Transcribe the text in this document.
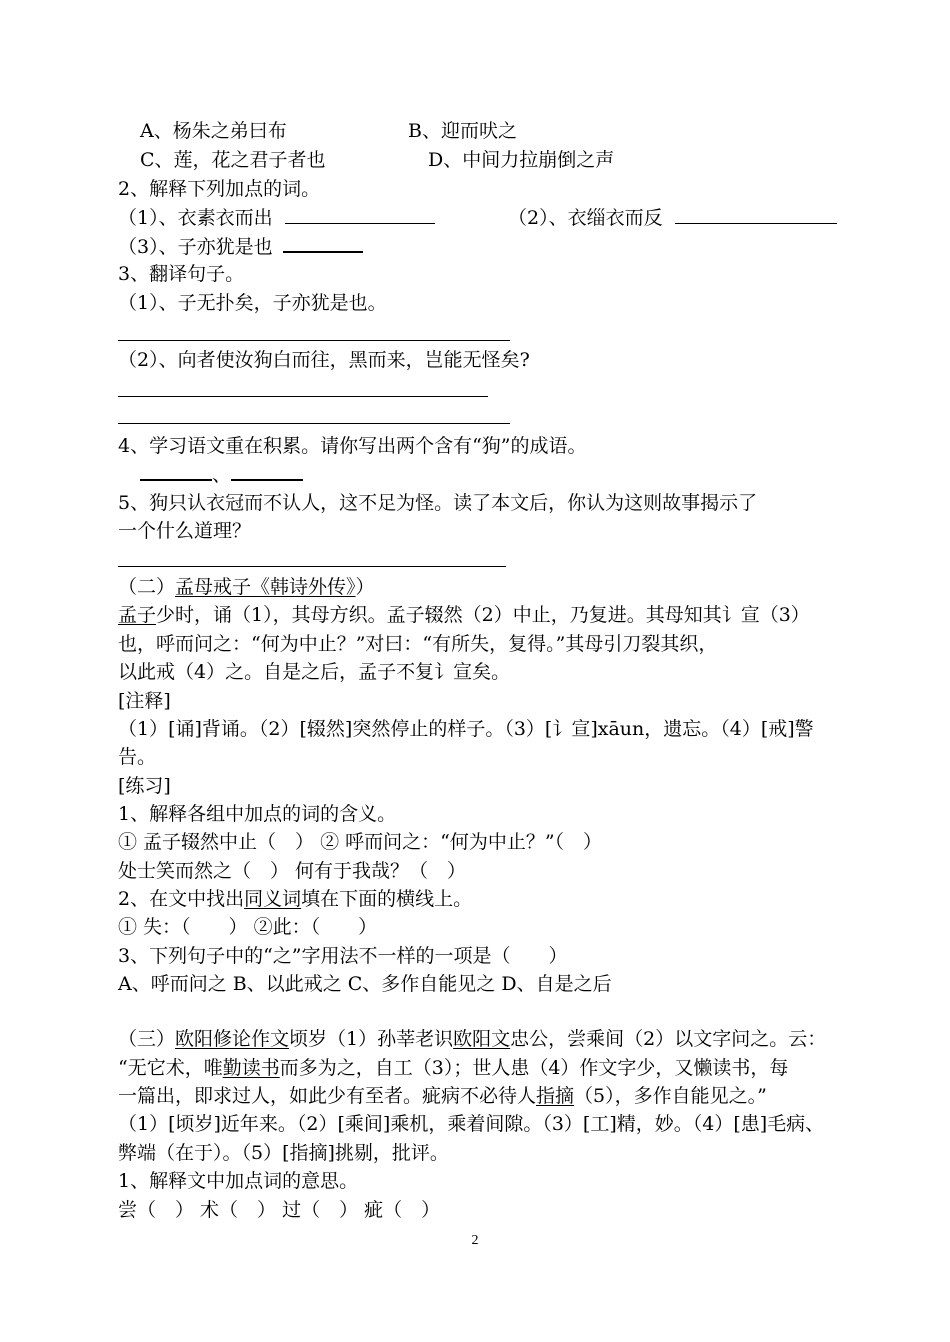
A、杨朱之弟曰布	B、迎而吠之
C、莲，花之君子者也	D、中间力拉崩倒之声
2、解释下列加点的词。
（1）、衣素衣而出	（2）、衣缁衣而反
（3）、子亦犹是也
3、翻译句子。
（1）、子无扑矣，子亦犹是也。
（2）、向者使汝狗白而往，黑而来，岂能无怪矣?
4、学习语文重在积累。请你写出两个含有“狗”的成语。
、
5、狗只认衣冠而不认人，这不足为怪。读了本文后，你认为这则故事揭示了
一个什么道理？
（二）孟母戒子《韩诗外传》）
孟子少时，诵（1），其母方织。孟子辍然（2）中止，乃复进。其母知其讠宣（3）
也，呼而问之：“何为中止？”对曰：“有所失，复得。”其母引刀裂其织，
以此戒（4）之。自是之后，孟子不复讠宣矣。
[注释]
（1）[诵]背诵。（2）[辍然]突然停止的样子。（3）[讠宣]xāun，遗忘。（4）[戒]警
告。
[练习]
1、解释各组中加点的词的含义。
① 孟子辍然中止（　） ② 呼而问之：“何为中止？”（　）
处士笑而然之（　） 何有于我哉？（　）
2、在文中找出同义词填在下面的横线上。
① 失：（　　） ②此：（　　）
3、下列句子中的“之”字用法不一样的一项是（　　）
A、呼而问之 B、以此戒之 C、多作自能见之 D、自是之后
（三）欧阳修论作文顷岁（1）孙莘老识欧阳文忠公，尝乘间（2）以文字问之。云：
“无它术，唯勤读书而多为之，自工（3）；世人患（4）作文字少，又懒读书，每
一篇出，即求过人，如此少有至者。疵病不必待人指摘（5），多作自能见之。”
（1）[顷岁]近年来。（2）[乘间]乘机，乘着间隙。（3）[工]精，妙。（4）[患]毛病、
弊端（在于）。（5）[指摘]挑剔，批评。
1、解释文中加点词的意思。
尝（　） 术（　） 过（　） 疵（　）
2
